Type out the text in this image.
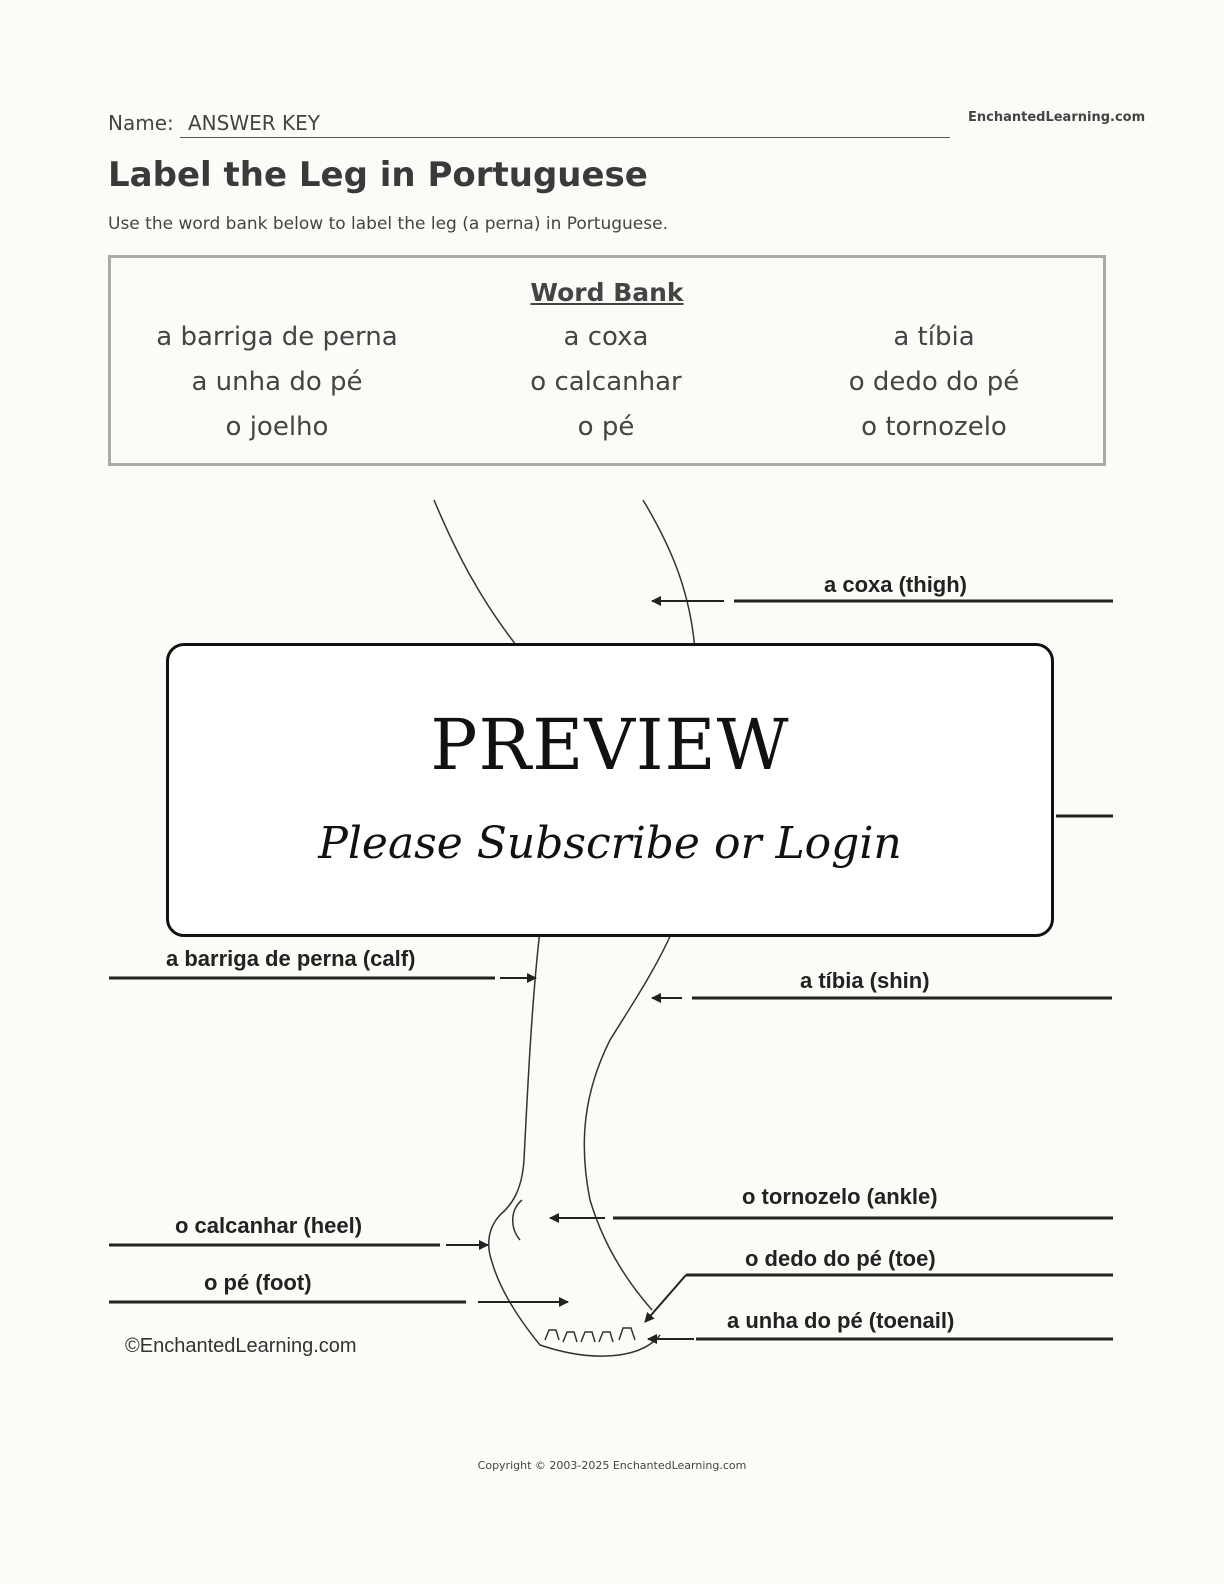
Name: ANSWER KEY	EnchantedLearning.com
Label the Leg in Portuguese
Use the word bank below to label the leg (a perna) in Portuguese.
Word Bank
a barriga de perna	a coxa	a tíbia
a unha do pé	o calcanhar	o dedo do pé
o joelho	o pé	o tornozelo
a coxa (thigh)
a barriga de perna (calf)
a tíbia (shin)
o tornozelo (ankle)
o calcanhar (heel)
o dedo do pé (toe)
o pé (foot)
a unha do pé (toenail)
©EnchantedLearning.com
PREVIEW
Please Subscribe or Login
Copyright © 2003-2025 EnchantedLearning.com
